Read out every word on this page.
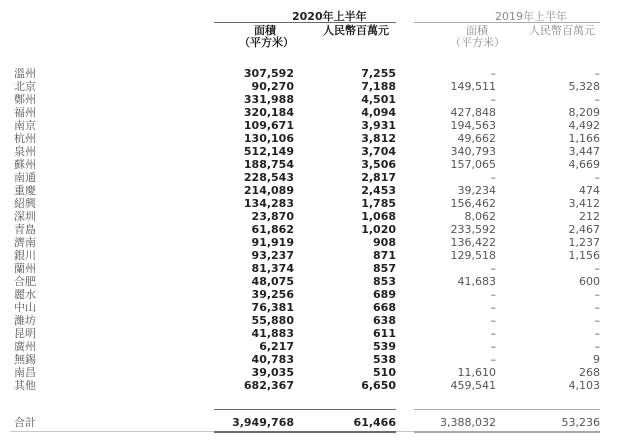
2020年上半年
面積	人民幣百萬元
（平方米）
2019年上半年
面積	人民幣百萬元
（平方米）
溫州	307,592	7,255	–	–
北京	90,270	7,188	149,511	5,328
鄭州	331,988	4,501	–	–
福州	320,184	4,094	427,848	8,209
南京	109,671	3,931	194,563	4,492
杭州	130,106	3,812	49,662	1,166
泉州	512,149	3,704	340,793	3,447
蘇州	188,754	3,506	157,065	4,669
南通	228,543	2,817	–	–
重慶	214,089	2,453	39,234	474
紹興	134,283	1,785	156,462	3,412
深圳	23,870	1,068	8,062	212
青島	61,862	1,020	233,592	2,467
濟南	91,919	908	136,422	1,237
銀川	93,237	871	129,518	1,156
蘭州	81,374	857	–	–
合肥	48,075	853	41,683	600
麗水	39,256	689	–	–
中山	76,381	668	–	–
濰坊	55,880	638	–	–
昆明	41,883	611	–	–
廣州	6,217	539	–	–
無錫	40,783	538	–	9
南昌	39,035	510	11,610	268
其他	682,367	6,650	459,541	4,103
合計	3,949,768	61,466	3,388,032	53,236
